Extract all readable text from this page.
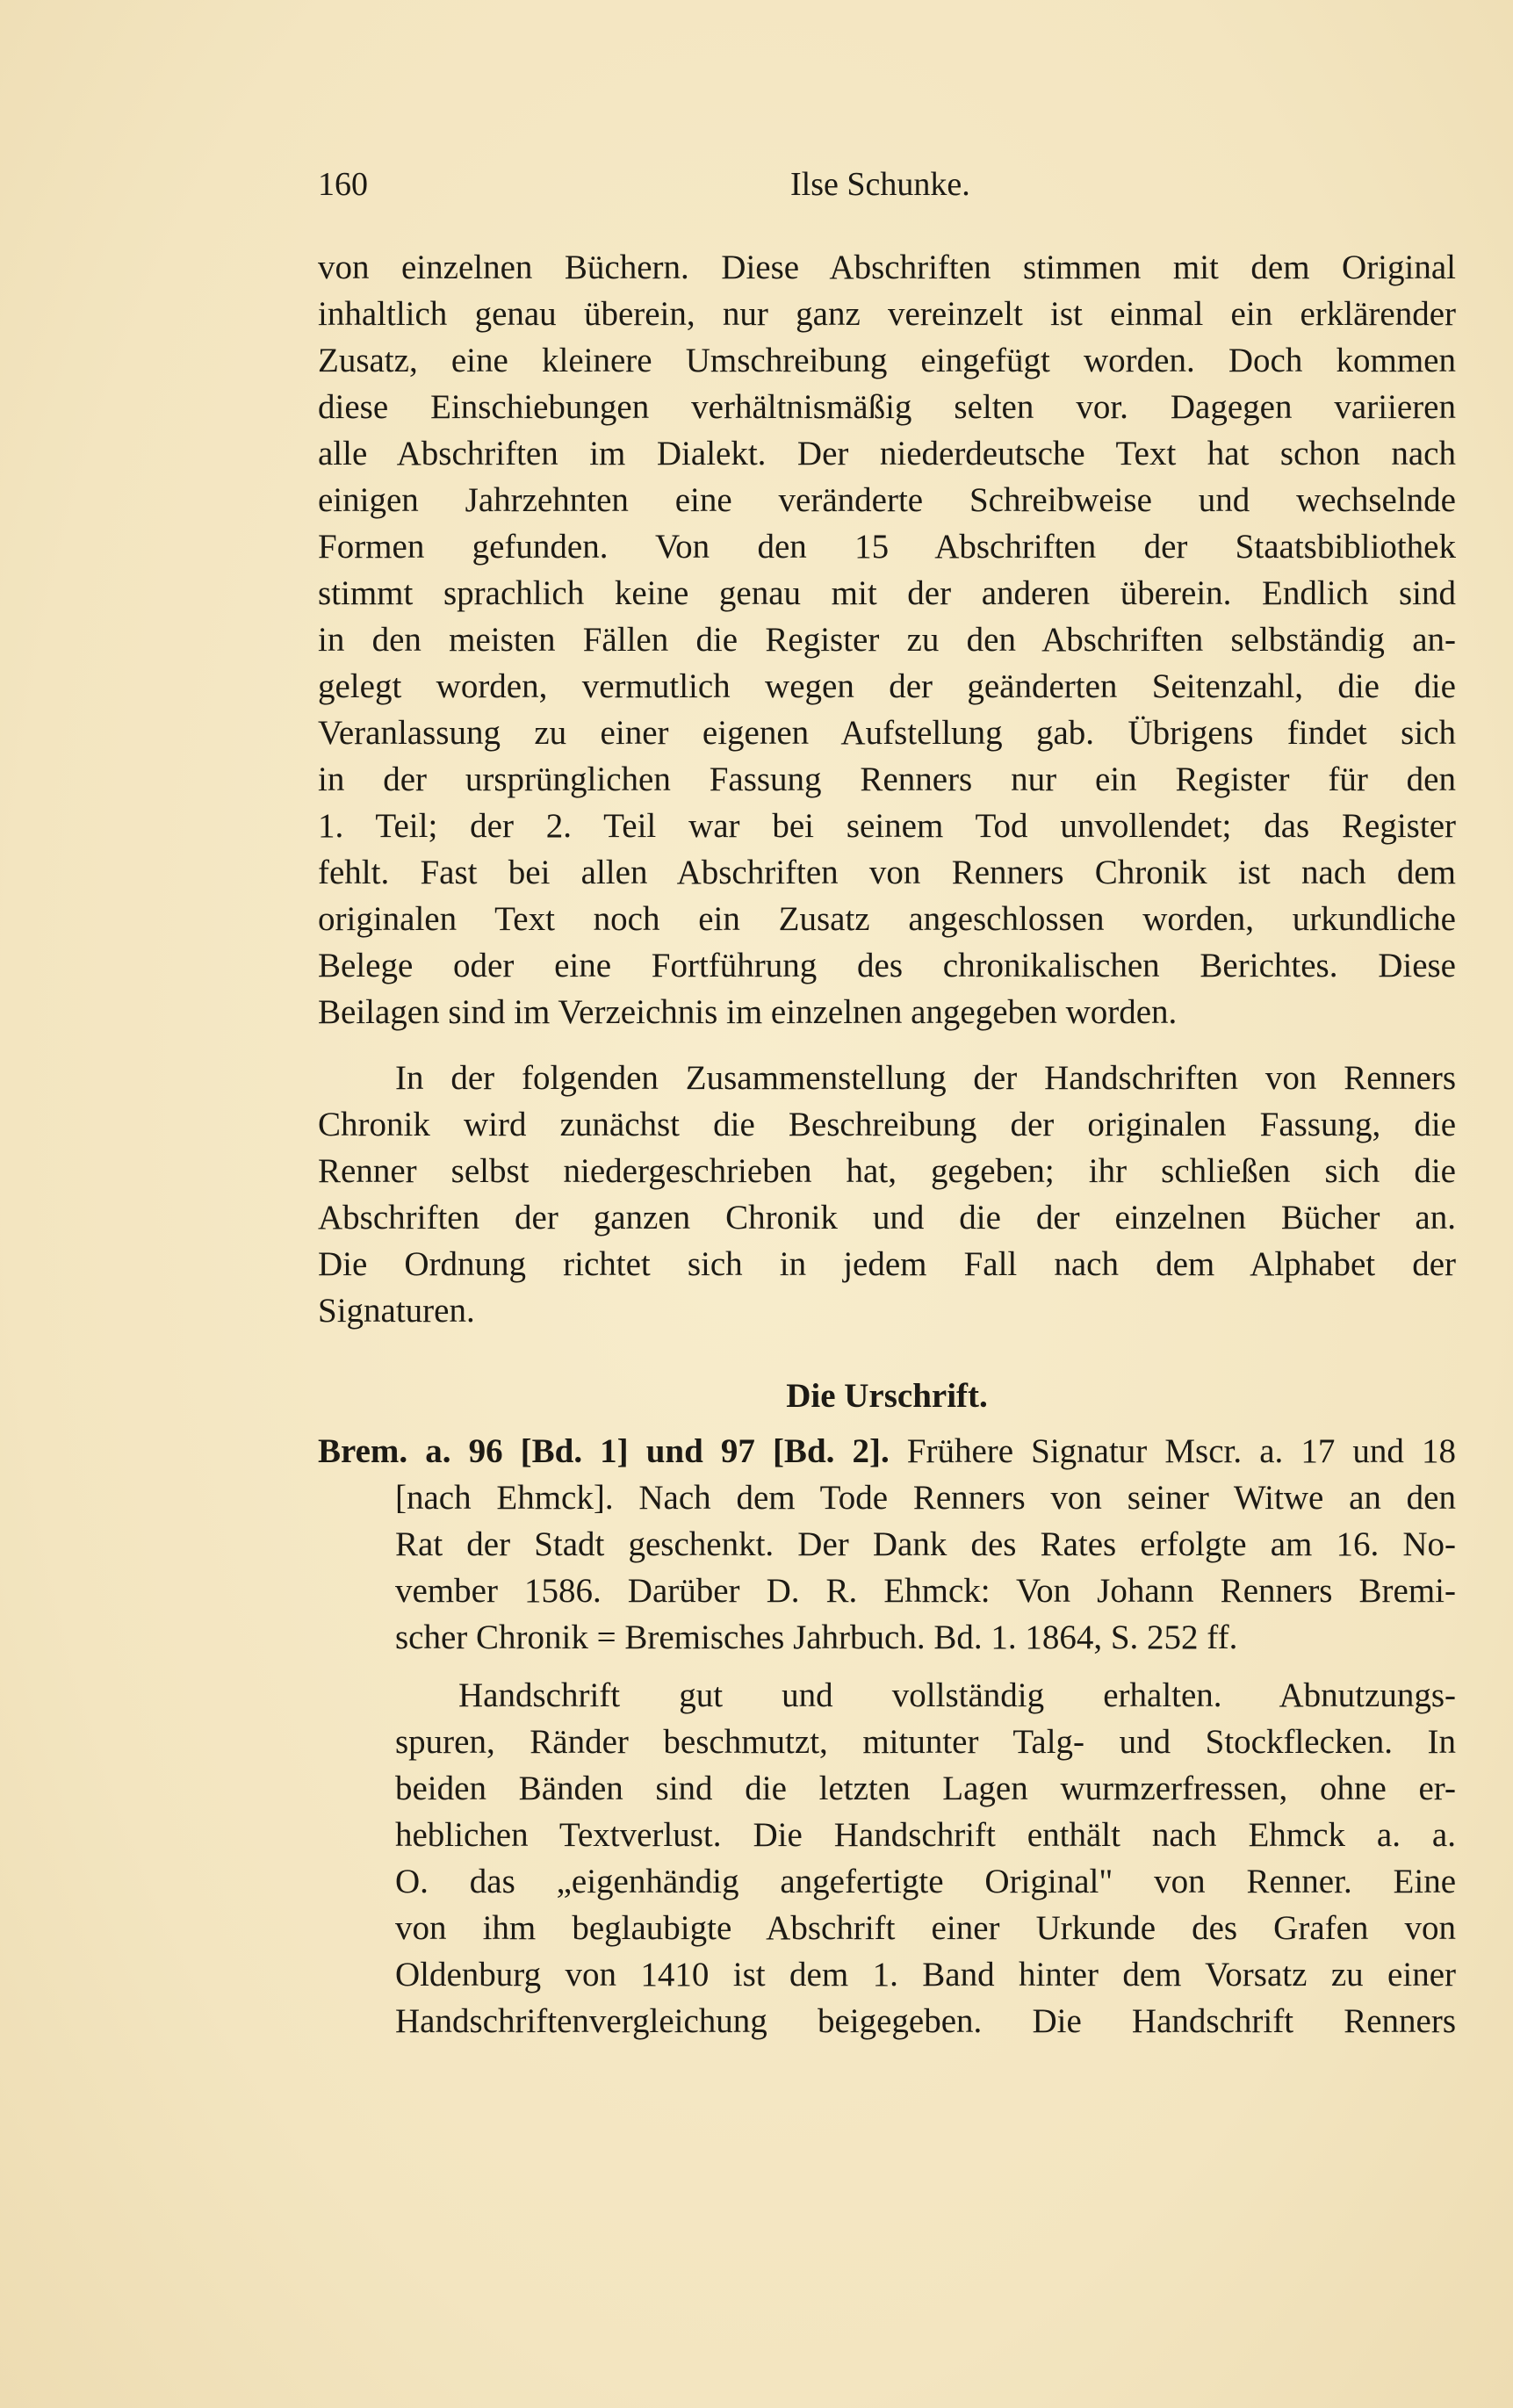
160	Ilse Schunke.
von einzelnen Büchern. Diese Abschriften stimmen mit dem Original
inhaltlich genau überein, nur ganz vereinzelt ist einmal ein erklärender
Zusatz, eine kleinere Umschreibung eingefügt worden. Doch kommen
diese Einschiebungen verhältnismäßig selten vor. Dagegen variieren
alle Abschriften im Dialekt. Der niederdeutsche Text hat schon nach
einigen Jahrzehnten eine veränderte Schreibweise und wechselnde
Formen gefunden. Von den 15 Abschriften der Staatsbibliothek
stimmt sprachlich keine genau mit der anderen überein. Endlich sind
in den meisten Fällen die Register zu den Abschriften selbständig an-
gelegt worden, vermutlich wegen der geänderten Seitenzahl, die die
Veranlassung zu einer eigenen Aufstellung gab. Übrigens findet sich
in der ursprünglichen Fassung Renners nur ein Register für den
1. Teil; der 2. Teil war bei seinem Tod unvollendet; das Register
fehlt. Fast bei allen Abschriften von Renners Chronik ist nach dem
originalen Text noch ein Zusatz angeschlossen worden, urkundliche
Belege oder eine Fortführung des chronikalischen Berichtes. Diese
Beilagen sind im Verzeichnis im einzelnen angegeben worden.
In der folgenden Zusammenstellung der Handschriften von Renners
Chronik wird zunächst die Beschreibung der originalen Fassung, die
Renner selbst niedergeschrieben hat, gegeben; ihr schließen sich die
Abschriften der ganzen Chronik und die der einzelnen Bücher an.
Die Ordnung richtet sich in jedem Fall nach dem Alphabet der
Signaturen.
Die Urschrift.
Brem. a. 96 [Bd. 1] und 97 [Bd. 2]. Frühere Signatur Mscr. a. 17 und 18
[nach Ehmck]. Nach dem Tode Renners von seiner Witwe an den
Rat der Stadt geschenkt. Der Dank des Rates erfolgte am 16. No-
vember 1586. Darüber D. R. Ehmck: Von Johann Renners Bremi-
scher Chronik = Bremisches Jahrbuch. Bd. 1. 1864, S. 252 ff.
Handschrift gut und vollständig erhalten. Abnutzungs-
spuren, Ränder beschmutzt, mitunter Talg- und Stockflecken. In
beiden Bänden sind die letzten Lagen wurmzerfressen, ohne er-
heblichen Textverlust. Die Handschrift enthält nach Ehmck a. a.
O. das „eigenhändig angefertigte Original" von Renner. Eine
von ihm beglaubigte Abschrift einer Urkunde des Grafen von
Oldenburg von 1410 ist dem 1. Band hinter dem Vorsatz zu einer
Handschriftenvergleichung beigegeben. Die Handschrift Renners
